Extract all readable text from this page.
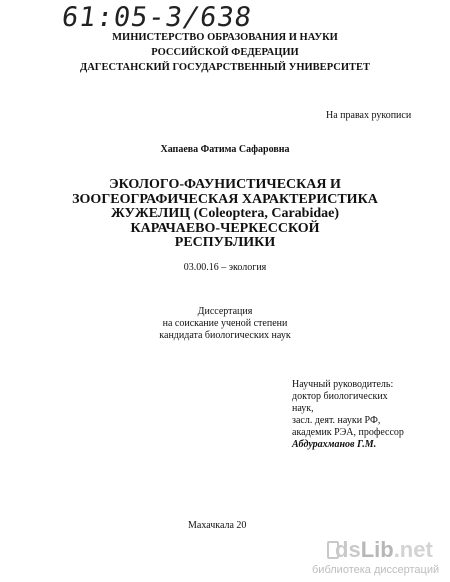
61:05-3/638
МИНИСТЕРСТВО ОБРАЗОВАНИЯ И НАУКИ
РОССИЙСКОЙ ФЕДЕРАЦИИ
ДАГЕСТАНСКИЙ ГОСУДАРСТВЕННЫЙ УНИВЕРСИТЕТ
На правах рукописи
Хапаева Фатима Сафаровна
ЭКОЛОГО-ФАУНИСТИЧЕСКАЯ И
ЗООГЕОГРАФИЧЕСКАЯ ХАРАКТЕРИСТИКА
ЖУЖЕЛИЦ (Coleoptera, Carabidae)
КАРАЧАЕВО-ЧЕРКЕССКОЙ
РЕСПУБЛИКИ
03.00.16 – экология
Диссертация
на соискание ученой степени
кандидата биологических наук
Научный руководитель:
доктор биологических
наук,
засл. деят. науки РФ,
академик РЭА, профессор
Абдурахманов Г.М.
Махачкала 20
dsLib.net
библиотека диссертаций
